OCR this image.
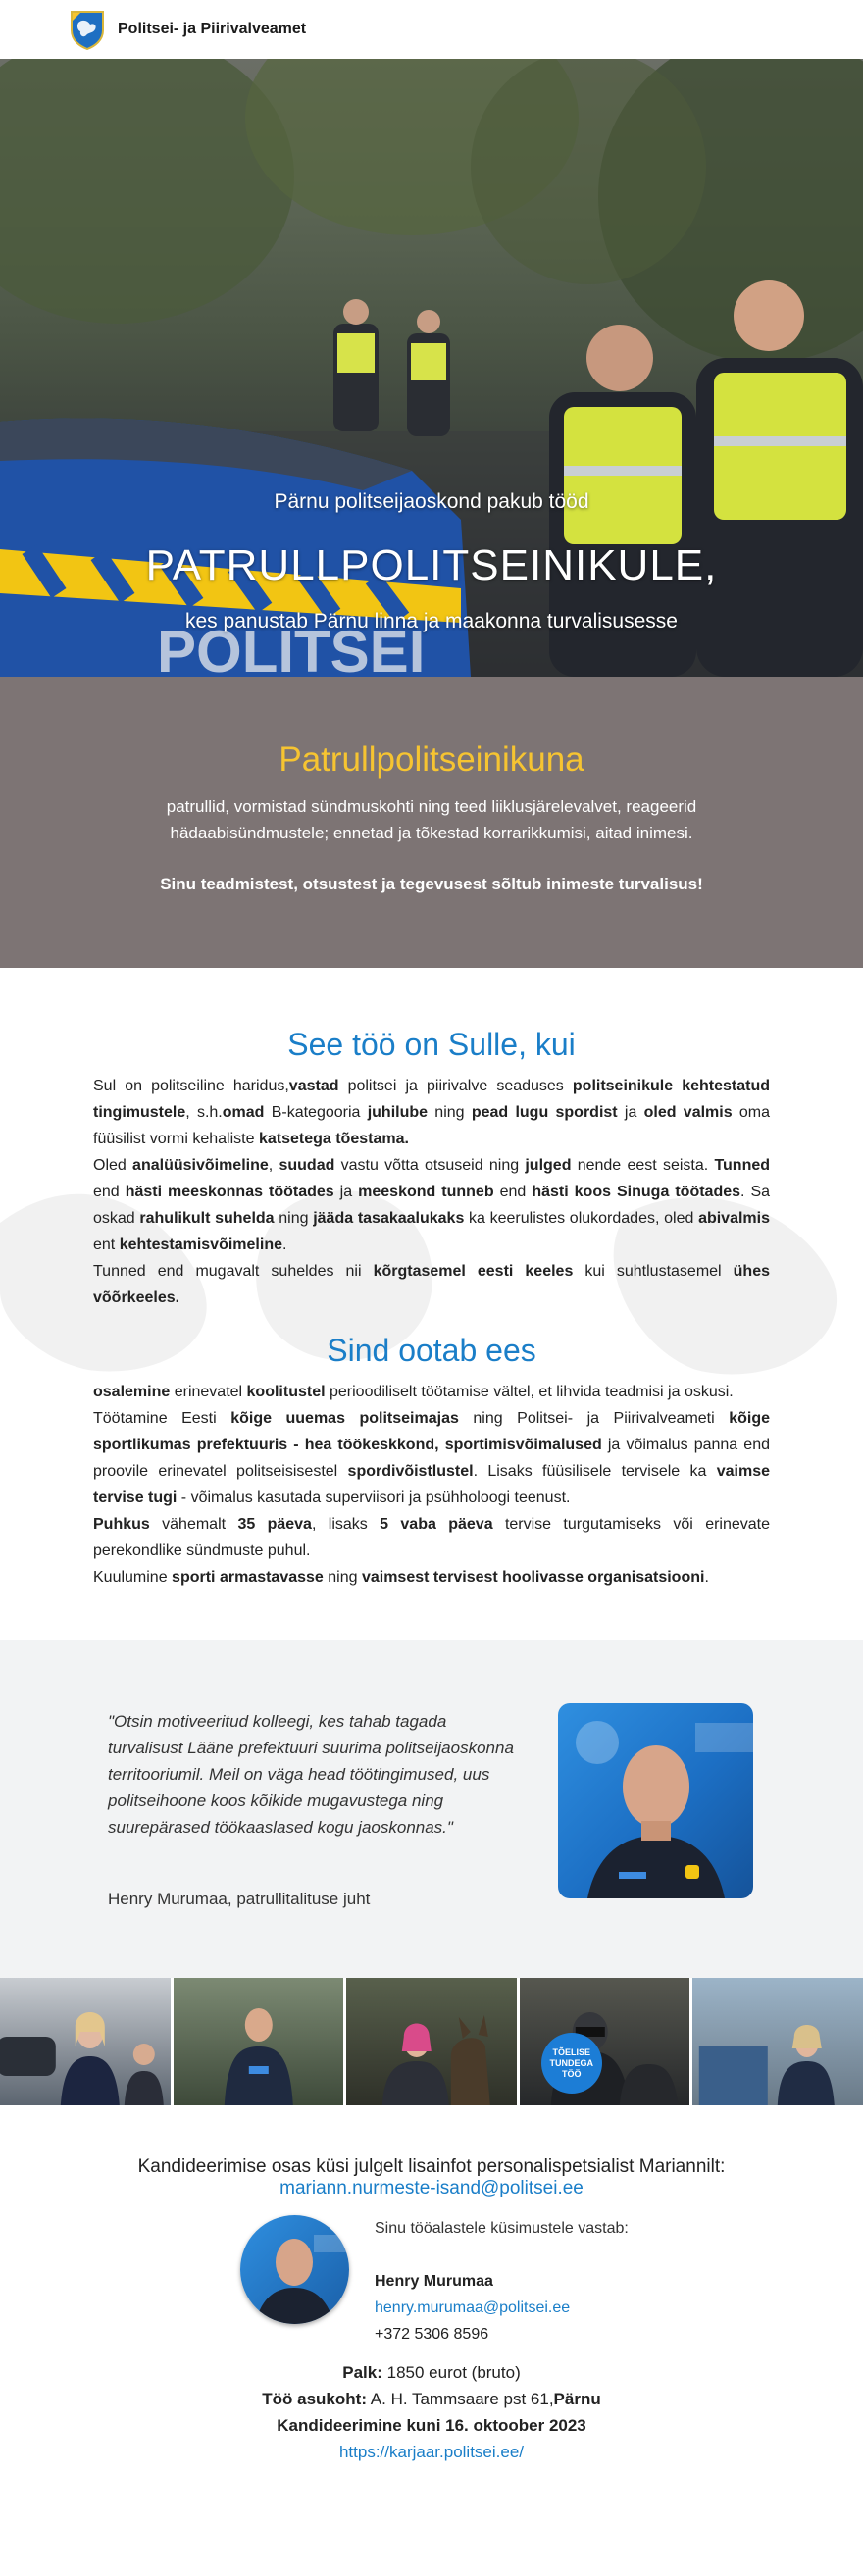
Politsei- ja Piirivalveamet
POLITSEI
Pärnu politseijaoskond pakub tööd
PATRULLPOLITSEINIKULE,
kes panustab Pärnu linna ja maakonna turvalisusesse
Patrullpolitseinikuna

patrullid, vormistad sündmuskohti ning teed liiklusjärelevalvet, reageerid hädaabisündmustele; ennetad ja tõkestad korrarikkumisi, aitad inimesi.

Sinu teadmistest, otsustest ja tegevusest sõltub inimeste turvalisus!

See töö on Sulle, kui
Sul on politseiline haridus,vastad politsei ja piirivalve seaduses politseinikule kehtestatud tingimustele, s.h.omad B-kategooria juhilube ning pead lugu spordist ja oled valmis oma füüsilist vormi kehaliste katsetega tõestama.
Oled analüüsivõimeline, suudad vastu võtta otsuseid ning julged nende eest seista. Tunned end hästi meeskonnas töötades ja meeskond tunneb end hästi koos Sinuga töötades. Sa oskad rahulikult suhelda ning jääda tasakaalukaks ka keerulistes olukordades, oled abivalmis ent kehtestamisvõimeline.
Tunned end mugavalt suheldes nii kõrgtasemel eesti keeles kui suhtlustasemel ühes võõrkeeles.
Sind ootab ees
osalemine erinevatel koolitustel perioodiliselt töötamise vältel, et lihvida teadmisi ja oskusi.
Töötamine Eesti kõige uuemas politseimajas ning Politsei- ja Piirivalveameti kõige sportlikumas prefektuuris - hea töökeskkond, sportimisvõimalused ja võimalus panna end proovile erinevatel politseisisestel spordivõistlustel. Lisaks füüsilisele tervisele ka vaimse tervise tugi - võimalus kasutada superviisori ja psühholoogi teenust.
Puhkus vähemalt 35 päeva, lisaks 5 vaba päeva tervise turgutamiseks või erinevate perekondlike sündmuste puhul.
Kuulumine sporti armastavasse ning vaimsest tervisest hoolivasse organisatsiooni.
"Otsin motiveeritud kolleegi, kes tahab tagada turvalisust Lääne prefektuuri suurima politseijaoskonna territooriumil. Meil on väga head töötingimused, uus politseihoone koos kõikide mugavustega ning suurepärased töökaaslased kogu jaoskonnas."
Henry Murumaa, patrullitalituse juht
TÕELISE TUNDEGA TÖÖ
Kandideerimise osas küsi julgelt lisainfot personalispetsialist Mariannilt:
mariann.nurmeste-isand@politsei.ee
Sinu tööalastele küsimustele vastab:
Henry Murumaa
henry.murumaa@politsei.ee
+372 5306 8596
Palk: 1850 eurot (bruto)
Töö asukoht: A. H. Tammsaare pst 61,Pärnu
Kandideerimine kuni 16. oktoober 2023
https://karjaar.politsei.ee/
